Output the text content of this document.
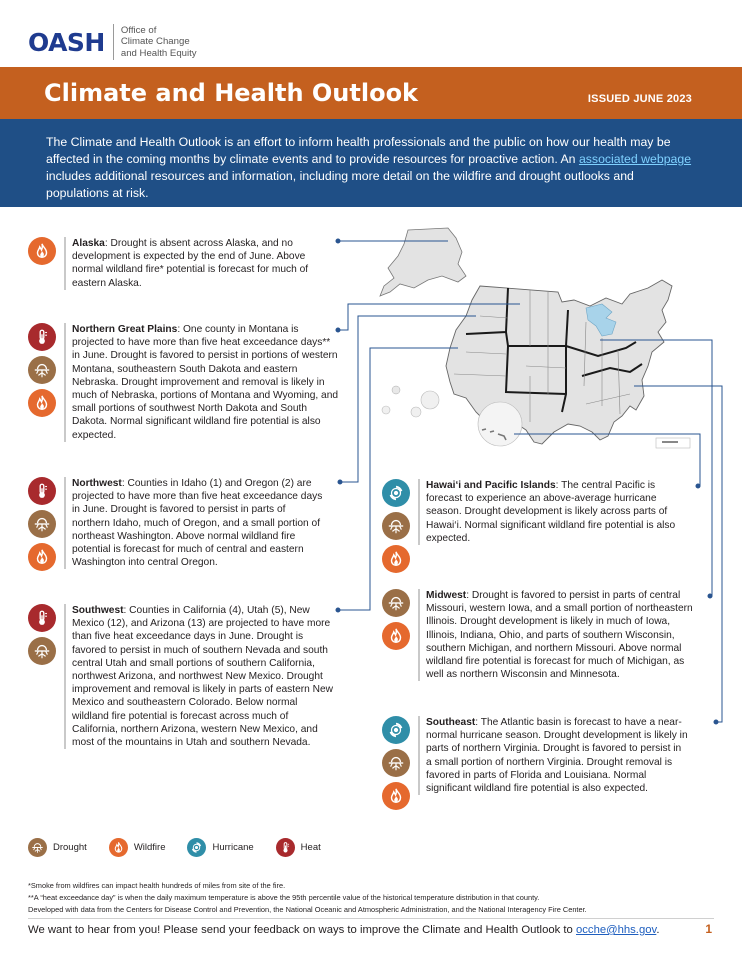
OASH Office of
Climate Change
and Health Equity
Climate and Health Outlook	ISSUED JUNE 2023

The Climate and Health Outlook is an effort to inform health professionals and the public on how our health may be affected in the coming months by climate events and to provide resources for proactive action. An associated webpage includes additional resources and information, including more detail on the wildfire and drought outlooks and populations at risk.

Alaska: Drought is absent across Alaska, and no development is expected by the end of June. Above normal wildland fire* potential is forecast for much of eastern Alaska.
Northern Great Plains: One county in Montana is projected to have more than five heat exceedance days** in June. Drought is favored to persist in portions of western Montana, southeastern South Dakota and eastern Nebraska. Drought improvement and removal is likely in much of Nebraska, portions of Montana and Wyoming, and small portions of southwest North Dakota and South Dakota. Normal significant wildland fire potential is also expected.
Northwest: Counties in Idaho (1) and Oregon (2) are projected to have more than five heat exceedance days in June. Drought is favored to persist in parts of northern Idaho, much of Oregon, and a small portion of northeast Washington. Above normal wildland fire potential is forecast for much of central and eastern Washington into central Oregon.
Southwest: Counties in California (4), Utah (5), New Mexico (12), and Arizona (13) are projected to have more than five heat exceedance days in June. Drought is favored to persist in much of southern Nevada and south central Utah and small portions of southern California, northwest Arizona, and northwest New Mexico. Drought improvement and removal is likely in parts of eastern New Mexico and southeastern Colorado. Below normal wildland fire potential is forecast across much of California, northern Arizona, western New Mexico, and most of the mountains in Utah and southern Nevada.
Hawai‘i and Pacific Islands: The central Pacific is forecast to experience an above-average hurricane season. Drought development is likely across parts of Hawai‘i. Normal significant wildland fire potential is also expected.
Midwest: Drought is favored to persist in parts of central Missouri, western Iowa, and a small portion of northeastern Illinois. Drought development is likely in much of Iowa, Illinois, Indiana, Ohio, and parts of southern Wisconsin, southern Michigan, and northern Missouri. Above normal wildland fire potential is forecast for much of Michigan, as well as northern Wisconsin and Minnesota.
Southeast: The Atlantic basin is forecast to have a near-normal hurricane season. Drought development is likely in parts of northern Virginia. Drought is favored to persist in a small portion of northern Virginia. Drought removal is favored in parts of Florida and Louisiana. Normal significant wildland fire potential is also expected.
Drought	Wildfire	Hurricane	Heat
*Smoke from wildfires can impact health hundreds of miles from site of the fire.
**A “heat exceedance day” is when the daily maximum temperature is above the 95th percentile value of the historical temperature distribution in that county.
Developed with data from the Centers for Disease Control and Prevention, the National Oceanic and Atmospheric Administration, and the National Interagency Fire Center.
We want to hear from you! Please send your feedback on ways to improve the Climate and Health Outlook to ocche@hhs.gov.	1
